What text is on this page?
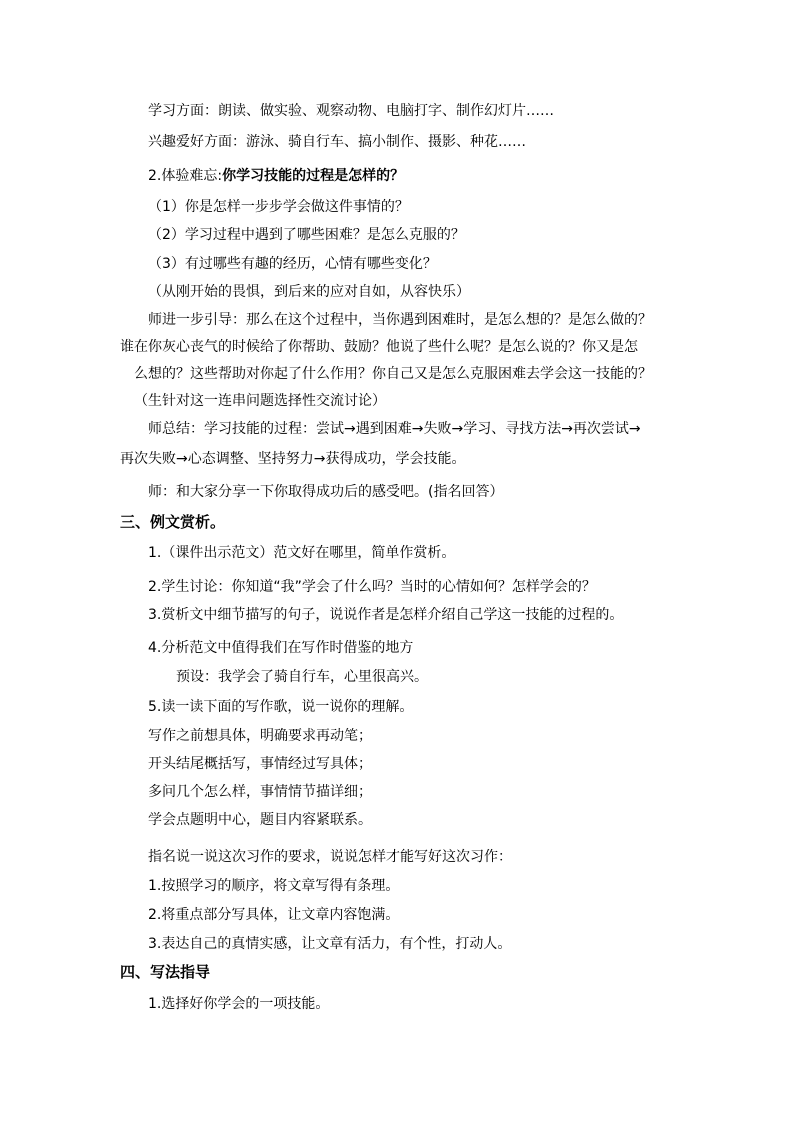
学习方面：朗读、做实验、观察动物、电脑打字、制作幻灯片……
兴趣爱好方面：游泳、骑自行车、搞小制作、摄影、种花……
2.体验难忘:你学习技能的过程是怎样的？
（1）你是怎样一步步学会做这件事情的？
（2）学习过程中遇到了哪些困难？是怎么克服的？
（3）有过哪些有趣的经历，心情有哪些变化？
（从刚开始的畏惧，到后来的应对自如，从容快乐）
师进一步引导：那么在这个过程中，当你遇到困难时，是怎么想的？是怎么做的？
谁在你灰心丧气的时候给了你帮助、鼓励？他说了些什么呢？是怎么说的？你又是怎
么想的？这些帮助对你起了什么作用？你自己又是怎么克服困难去学会这一技能的？
（生针对这一连串问题选择性交流讨论）
师总结：学习技能的过程：尝试→遇到困难→失败→学习、寻找方法→再次尝试→
再次失败→心态调整、坚持努力→获得成功，学会技能。
师：和大家分享一下你取得成功后的感受吧。(指名回答）
三、例文赏析。
1.（课件出示范文）范文好在哪里，简单作赏析。
2.学生讨论：你知道“我”学会了什么吗？当时的心情如何？怎样学会的？
3.赏析文中细节描写的句子，说说作者是怎样介绍自己学这一技能的过程的。
4.分析范文中值得我们在写作时借鉴的地方
预设：我学会了骑自行车，心里很高兴。
5.读一读下面的写作歌，说一说你的理解。
写作之前想具体，明确要求再动笔；
开头结尾概括写，事情经过写具体；
多问几个怎么样，事情情节描详细；
学会点题明中心，题目内容紧联系。
指名说一说这次习作的要求，说说怎样才能写好这次习作：
1.按照学习的顺序，将文章写得有条理。
2.将重点部分写具体，让文章内容饱满。
3.表达自己的真情实感，让文章有活力，有个性，打动人。
四、写法指导
1.选择好你学会的一项技能。
